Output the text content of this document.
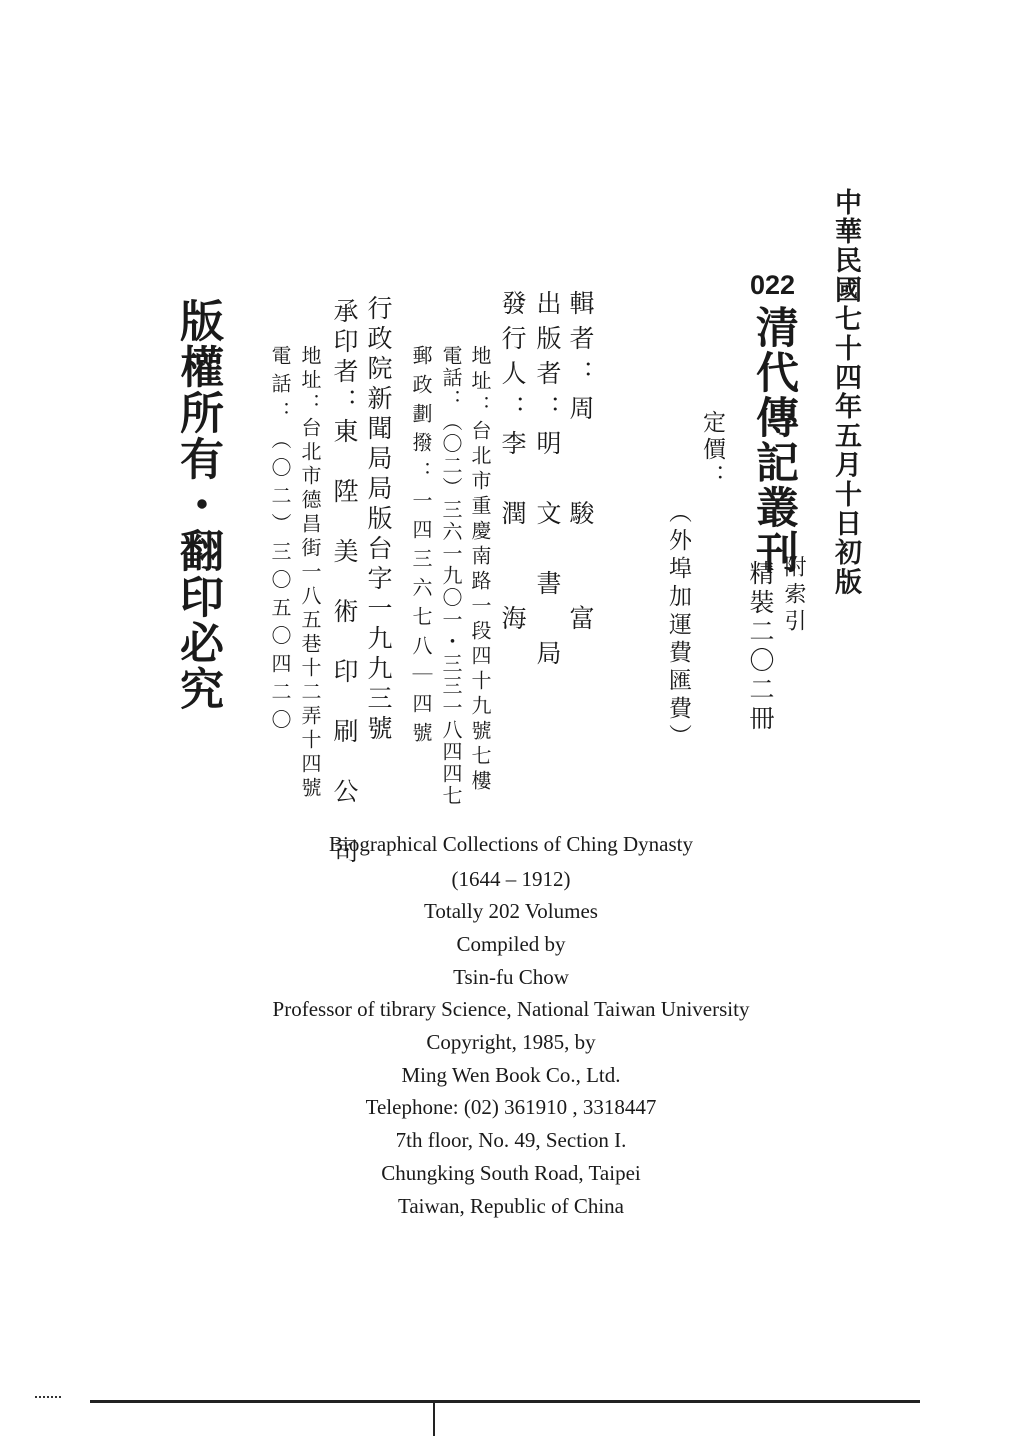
中華民國七十四年五月十日初版
022
清代傳記叢刊
附索引
精裝二〇二冊
定價：
（外埠加運費匯費）
輯者：周　　駿　　富
出版者：明　文　書　局
發行人：李　潤　　海
地址：台北市重慶南路一段四十九號七樓
電話：（〇二）三六一九〇一・三三一八四四七
郵政劃撥：一四三六七八｜四號
行政院新聞局局版台字一九九三號
承印者：東　陞　美　術　印　刷　公　司
地址：台北市德昌街一八五巷十二弄十四號
電話：（〇二）三〇五〇四二〇
版權所有・翻印必究
Biographical Collections of Ching Dynasty
(1644 – 1912)
Totally 202 Volumes
Compiled by
Tsin-fu Chow
Professor of tibrary Science, National Taiwan University
Copyright, 1985, by
Ming Wen Book Co., Ltd.
Telephone: (02) 361910 , 3318447
7th floor, No. 49, Section I.
Chungking South Road, Taipei
Taiwan, Republic of China
